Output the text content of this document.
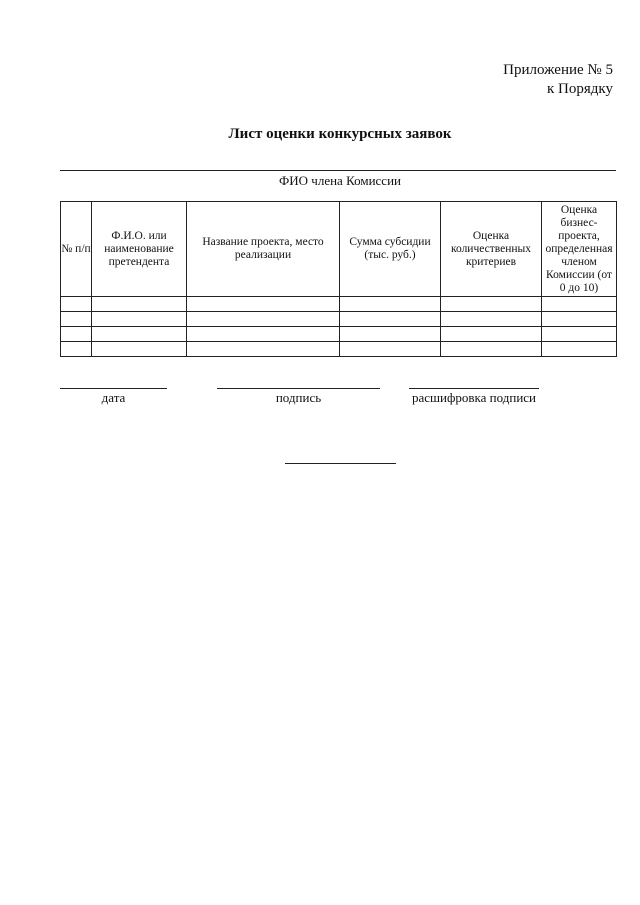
Приложение № 5
к Порядку
Лист оценки конкурсных заявок
ФИО члена Комиссии
№ п/п	Ф.И.О. или наименование претендента	Название проекта, место реализации	Сумма субсидии (тыс. руб.)	Оценка количественных критериев	Оценка бизнес-проекта, определенная членом Комиссии (от 0 до 10)

дата	подпись	расшифровка подписи
